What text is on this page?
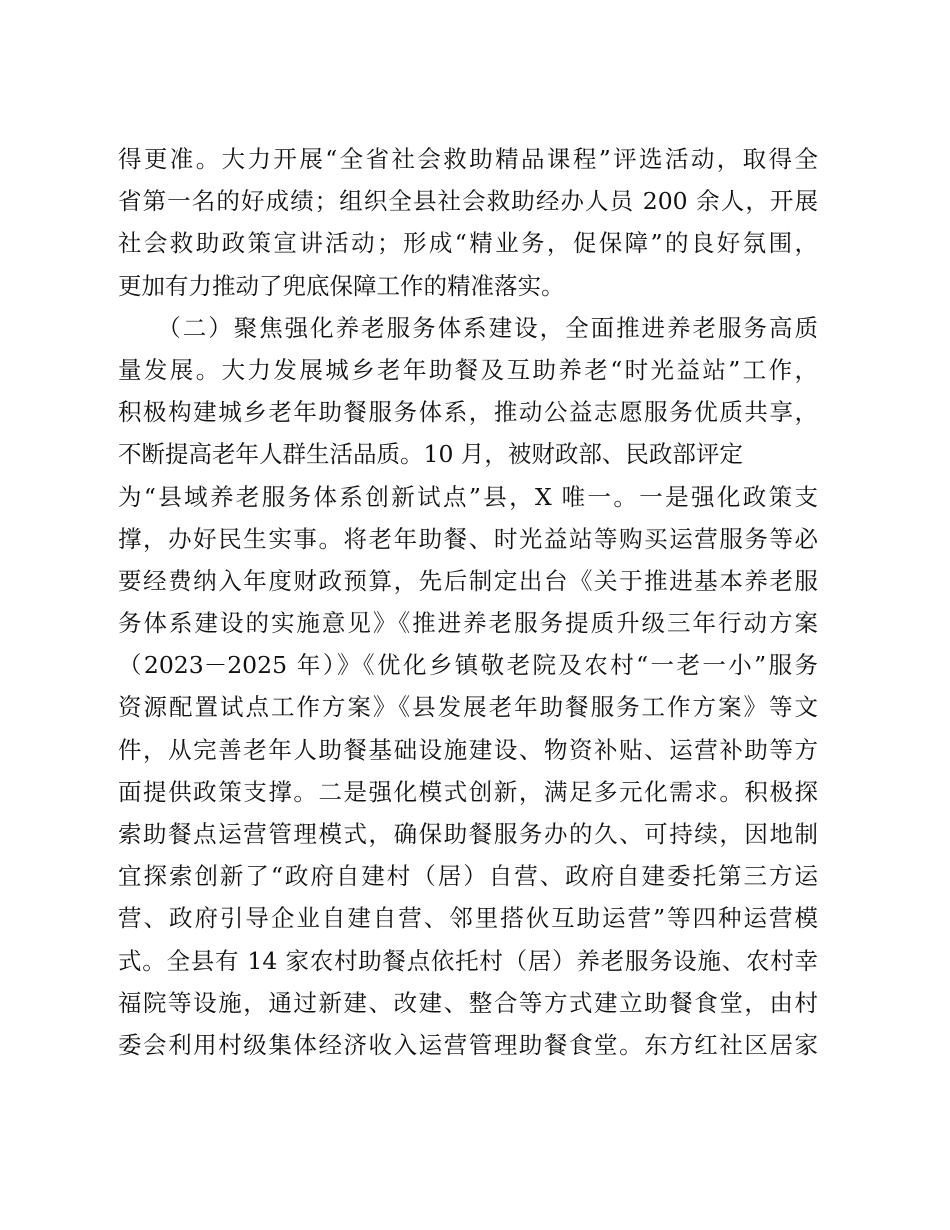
得更准。大力开展“全省社会救助精品课程”评选活动，取得全
省第一名的好成绩；组织全县社会救助经办人员 200 余人，开展
社会救助政策宣讲活动；形成“精业务，促保障”的良好氛围，
更加有力推动了兜底保障工作的精准落实。
　　（二）聚焦强化养老服务体系建设，全面推进养老服务高质
量发展。大力发展城乡老年助餐及互助养老“时光益站”工作，
积极构建城乡老年助餐服务体系，推动公益志愿服务优质共享，
不断提高老年人群生活品质。10 月，被财政部、民政部评定
为“县域养老服务体系创新试点”县，X 唯一。一是强化政策支
撑，办好民生实事。将老年助餐、时光益站等购买运营服务等必
要经费纳入年度财政预算，先后制定出台《关于推进基本养老服
务体系建设的实施意见》《推进养老服务提质升级三年行动方案
（2023－2025 年）》《优化乡镇敬老院及农村“一老一小”服务
资源配置试点工作方案》《县发展老年助餐服务工作方案》等文
件，从完善老年人助餐基础设施建设、物资补贴、运营补助等方
面提供政策支撑。二是强化模式创新，满足多元化需求。积极探
索助餐点运营管理模式，确保助餐服务办的久、可持续，因地制
宜探索创新了“政府自建村（居）自营、政府自建委托第三方运
营、政府引导企业自建自营、邻里搭伙互助运营”等四种运营模
式。全县有 14 家农村助餐点依托村（居）养老服务设施、农村幸
福院等设施，通过新建、改建、整合等方式建立助餐食堂，由村
委会利用村级集体经济收入运营管理助餐食堂。东方红社区居家
